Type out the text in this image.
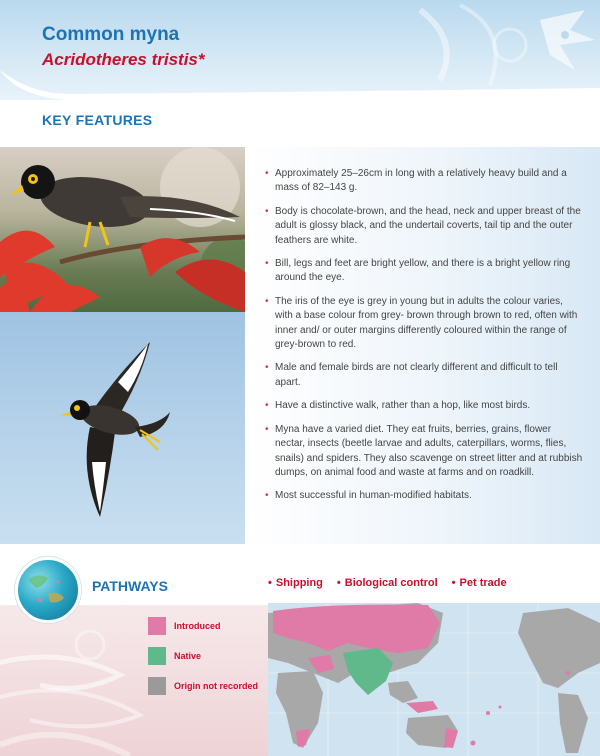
Common myna
Acridotheres tristis*
KEY FEATURES
• Approximately 25–26cm in long with a relatively heavy build and a mass of 82–143 g.
• Body is chocolate-brown, and the head, neck and upper breast of the adult is glossy black, and the undertail coverts, tail tip and the outer feathers are white.
• Bill, legs and feet are bright yellow, and there is a bright yellow ring around the eye.
• The iris of the eye is grey in young but in adults the colour varies, with a base colour from grey- brown through brown to red, often with inner and/ or outer margins differently coloured within the range of grey-brown to red.
• Male and female birds are not clearly different and difficult to tell apart.
• Have a distinctive walk, rather than a hop, like most birds.
• Myna have a varied diet. They eat fruits, berries, grains, flower nectar, insects (beetle larvae and adults, caterpillars, worms, flies, snails) and spiders. They also scavenge on street litter and at rubbish dumps, on animal food and waste at farms and on roadkill.
• Most successful in human-modified habitats.
PATHWAYS	• Shipping • Biological control • Pet trade
Introduced
Native
Origin not recorded
